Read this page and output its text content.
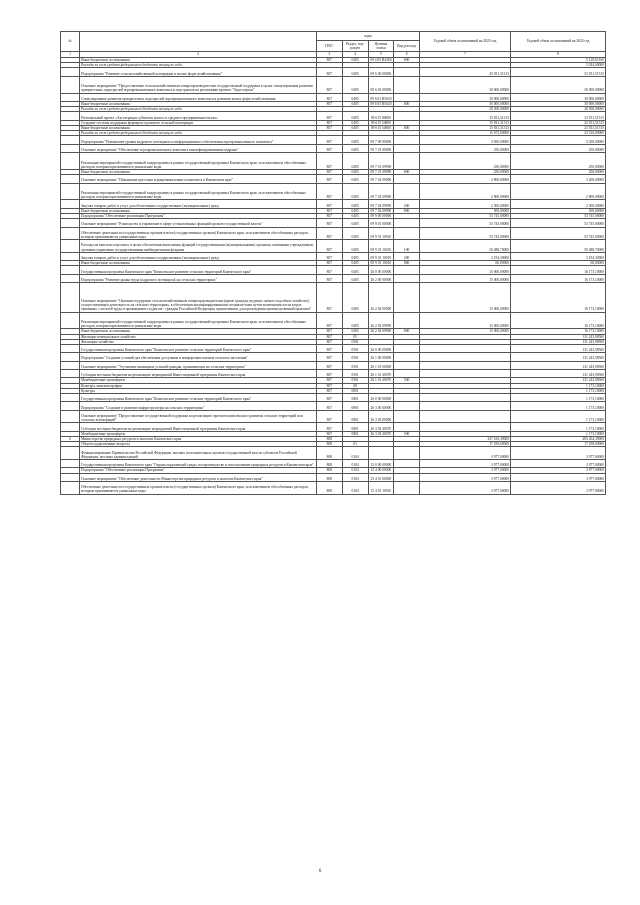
№		коды				Годовой объем ассигнований на 2023 год	Годовой объем ассигнований на 2024 год
		ГРБС	Раздел, под-раздел	Целевая статья	Вид расхода		
1	2	3	4	5	6	7	8
	Иные бюджетные ассигнования	807	0405	09 4 05 R4360	800		5 120,61160
	Расходы за счет средств федерального бюджета текущего года						5 024,60000
	Подпрограмма "Развитие сельскохозяйственной кооперации и малых форм хозяйствования"	807	0405	09 6 00 00000		45 831,31313	53 551,51515
	Основное мероприятие "Предоставление сельскохозяйственным товаропроизводителям государственной поддержки в целях стимулирования развития приоритетных подотраслей агропромышленного комплекса и мер грантов на реализацию проекта "Агростартап"	807	0405	09 6 03 00000		30 000,00000	30 000,00000
	Стимулирование развития приоритетных подотраслей агропромышленного комплекса и развития малых форм хозяйствования	807	0405	09 6 03 R5020		30 000,00000	30 000,00000
	Иные бюджетные ассигнования	807	0405	09 6 03 R5020	800	30 000,00000	30 000,00000
	Расходы за счет средств федерального бюджета текущего года					28 500,00000	28 500,00000
	Региональный проект «Акселерация субъектов малого и среднего предпринимательства»	807	0405	09 6 I5 00000		15 831,31313	23 551,51515
	Создание системы поддержки фермеров и развитие сельской кооперации	807	0405	09 6 I5 54800		15 831,31313	23 551,51515
	Иные бюджетные ассигнования	807	0405	09 6 I5 54800	800	15 831,31313	23 551,51515
	Расходы за счет средств федерального бюджета текущего года					15 673,00000	23 316,00000
	Подпрограмма "Повышение уровня кадрового потенциала и информационного обеспечения агропромышленного комплекса"	807	0405	09 7 00 00000		3 050,00000	3 450,00000
	Основное мероприятие "Обеспечение агропромышленного комплекса квалифицированными кадрами"	807	0405	09 7 01 00000		250,00000	250,00000
	Реализация мероприятий государственной подпрограммы в рамках государственной программы Камчатского края, за исключением обособленных расходов, которым присваиваются уникальные коды	807	0405	09 7 01 09990		250,00000	250,00000
	Иные бюджетные ассигнования	807	0405	09 7 01 09990	800	250,00000	250,00000
	Основное мероприятие "Повышение престижа агропромышленного комплекса в Камчатском крае"	807	0405	09 7 02 00000		2 800,00000	3 200,00000
	Реализация мероприятий государственной подпрограммы в рамках государственной программы Камчатского края, за исключением обособленных расходов, которым присваиваются уникальные коды	807	0405	09 7 02 09990		2 800,00000	2 800,00000
	Закупка товаров, работ и услуг для обеспечения государственных (муниципальных) нужд	807	0405	09 7 02 09990	200	2 300,00000	2 300,00000
	Иные бюджетные ассигнования	807	0405	09 7 02 09990	800	500,00000	500,00000
	Подпрограмма "Обеспечение реализации Программы"	807	0405	09 9 00 00000		53 745,00000	53 745,00000
	Основное мероприятие "Руководство и управление в сфере установленных функций органов государственной власти"	807	0405	09 9 01 00000		53 745,00000	53 745,00000
	Обеспечение деятельности государственных органов власти (государственных органов) Камчатского края, за исключением обособленных расходов, которым присваиваются уникальные коды	807	0405	09 9 01 10010		53 745,00000	53 745,00000
	Расходы на выплаты персоналу в целях обеспечения выполнения функций государственными (муниципальными) органами, казенными учреждениями, органами управления государственными внебюджетными фондами	807	0405	09 9 01 10010	100	50 488,70000	50 488,70000
	Закупка товаров, работ и услуг для обеспечения государственных (муниципальных) нужд	807	0405	09 9 01 10010	200	3 194,30000	3 194,30000
	Иные бюджетные ассигнования	807	0405	09 9 01 10010	800	60,00000	60,00000
	Государственная программа Камчатского края "Комплексное развитие сельских территорий Камчатского края"	807	0405	26 0 00 00000		15 000,00000	16 173,10000
	Подпрограмма "Развитие рынка труда (кадрового потенциала) на сельских территориях"	807	0405	26 2 00 00000		15 000,00000	16 173,10000
	Основное мероприятие "Оказание поддержки сельскохозяйственным товаропроизводителям (кроме граждан, ведущих личное подсобное хозяйство), осуществляющим деятельность на сельских территориях, в обеспечении квалифицированными специалистами путем возмещения части затрат, связанных с оплатой труда и проживанием студентов - граждан Российской Федерации, привлеченных для прохождения производственной практики"	807	0405	26 2 02 00000		15 000,00000	16 173,10000
	Реализация мероприятий государственной подпрограммы в рамках государственной программы Камчатского края, за исключением обособленных расходов, которым присваиваются уникальные коды	807	0405	26 2 02 09990		15 000,00000	16 173,10000
	Иные бюджетные ассигнования	807	0405	26 2 02 09990	800	15 000,00000	16 173,10000
	Жилищно-коммунальное хозяйство	807	05				131 243,98500
	Жилищное хозяйство	807	0501				131 243,98500
	Государственная программа Камчатского края "Комплексное развитие сельских территорий Камчатского края"	807	0501	26 0 00 00000			131 243,98500
	Подпрограмма "Создание условий для обеспечения доступным и комфортным жильем сельского населения"	807	0501	26 1 00 00000			131 243,98500
	Основное мероприятие "Улучшение жилищных условий граждан, проживающих на сельских территориях"	807	0501	26 1 01 00000			131 243,98500
	Субсидии местным бюджетам на реализацию мероприятий Инвестиционной программы Камчатского края	807	0501	26 1 01 40070			131 243,98500
	Межбюджетные трансферты	807	0501	26 1 01 40070	500		131 243,98500
	Культура, кинематография	807	08				1 173,10000
	Культура	807	0801				1 173,10000
	Государственная программа Камчатского края "Комплексное развитие сельских территорий Камчатского края"	807	0801	26 0 00 00000			1 173,10000
	Подпрограмма "Создание и развитие инфраструктуры на сельских территориях"	807	0801	26 3 00 00000			1 173,10000
	Основное мероприятие "Предоставление государственной поддержки на реализацию проектов комплексного развития сельских территорий или сельских агломераций"	807	0801	26 3 03 00000			1 173,10000
	Субсидии местным бюджетам на реализацию мероприятий Инвестиционной программы Камчатского края	807	0801	26 3 03 40070			1 173,10000
	Межбюджетные трансферты	807	0801	26 3 03 40070	500		1 173,10000
6	Министерство природных ресурсов и экологии Камчатского края	808				237 616,39000	283 264,39000
	Общегосударственные вопросы	808	01			17 258,00000	17 258,00000
	Функционирование Правительства Российской Федерации, высших исполнительных органов государственной власти субъектов Российской Федерации, местных администраций	808	0104			3 977,00000	3 977,00000
	Государственная программа Камчатского края "Охрана окружающей среды, воспроизводство и использование природных ресурсов в Камчатском крае"	808	0104	15 0 00 00000		3 977,00000	3 977,00000
	Подпрограмма "Обеспечение реализации Программы"	808	0104	15 4 00 00000		3 977,00000	3 977,00000
	Основное мероприятие "Обеспечение деятельности Министерства природных ресурсов и экологии Камчатского края"	808	0104	15 4 01 00000		3 977,00000	3 977,00000
	Обеспечение деятельности государственных органов власти (государственных органов) Камчатского края, за исключением обособленных расходов, которым присваиваются уникальные коды	808	0104	15 4 01 10010		3 977,00000	3 977,00000
6
